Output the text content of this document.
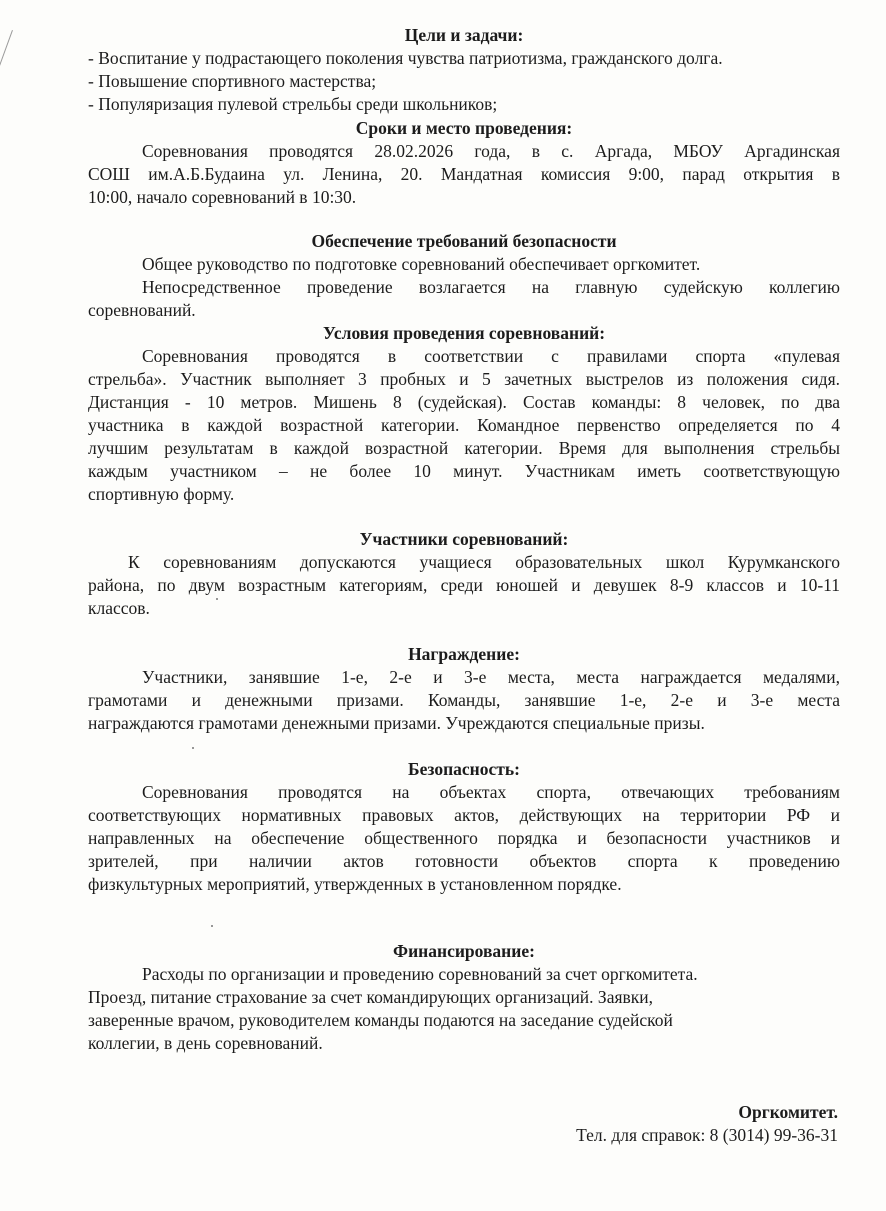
Цели и задачи:

- Воспитание у подрастающего поколения чувства патриотизма, гражданского долга.

- Повышение спортивного мастерства;

- Популяризация пулевой стрельбы среди школьников;

Сроки и место проведения:

Соревнования проводятся 28.02.2026 года, в с. Аргада, МБОУ Аргадинская

СОШ им.А.Б.Будаина ул. Ленина, 20. Мандатная комиссия 9:00, парад открытия в

10:00, начало соревнований в 10:30.

Обеспечение требований безопасности

Общее руководство по подготовке соревнований обеспечивает оргкомитет.

Непосредственное проведение возлагается на главную судейскую коллегию

соревнований.

Условия проведения соревнований:

Соревнования проводятся в соответствии с правилами спорта «пулевая

стрельба». Участник выполняет 3 пробных и 5 зачетных выстрелов из положения сидя.

Дистанция - 10 метров. Мишень 8 (судейская). Состав команды: 8 человек, по два

участника в каждой возрастной категории. Командное первенство определяется по 4

лучшим результатам в каждой возрастной категории. Время для выполнения стрельбы

каждым участником – не более 10 минут. Участникам иметь соответствующую

спортивную форму.

Участники соревнований:

К соревнованиям допускаются учащиеся образовательных школ Курумканского

района, по двум возрастным категориям, среди юношей и девушек 8-9 классов и 10-11

классов.

Награждение:

Участники, занявшие 1-е, 2-е и 3-е места, места награждается медалями,

грамотами и денежными призами. Команды, занявшие 1-е, 2-е и 3-е места

награждаются грамотами денежными призами. Учреждаются специальные призы.

Безопасность:

Соревнования проводятся на объектах спорта, отвечающих требованиям

соответствующих нормативных правовых актов, действующих на территории РФ и

направленных на обеспечение общественного порядка и безопасности участников и

зрителей, при наличии актов готовности объектов спорта к проведению

физкультурных мероприятий, утвержденных в установленном порядке.

Финансирование:

Расходы по организации и проведению соревнований за счет оргкомитета.

Проезд, питание страхование за счет командирующих организаций. Заявки,

заверенные врачом, руководителем команды подаются на заседание судейской

коллегии, в день соревнований.

Оргкомитет.

Тел. для справок: 8 (3014) 99-36-31
